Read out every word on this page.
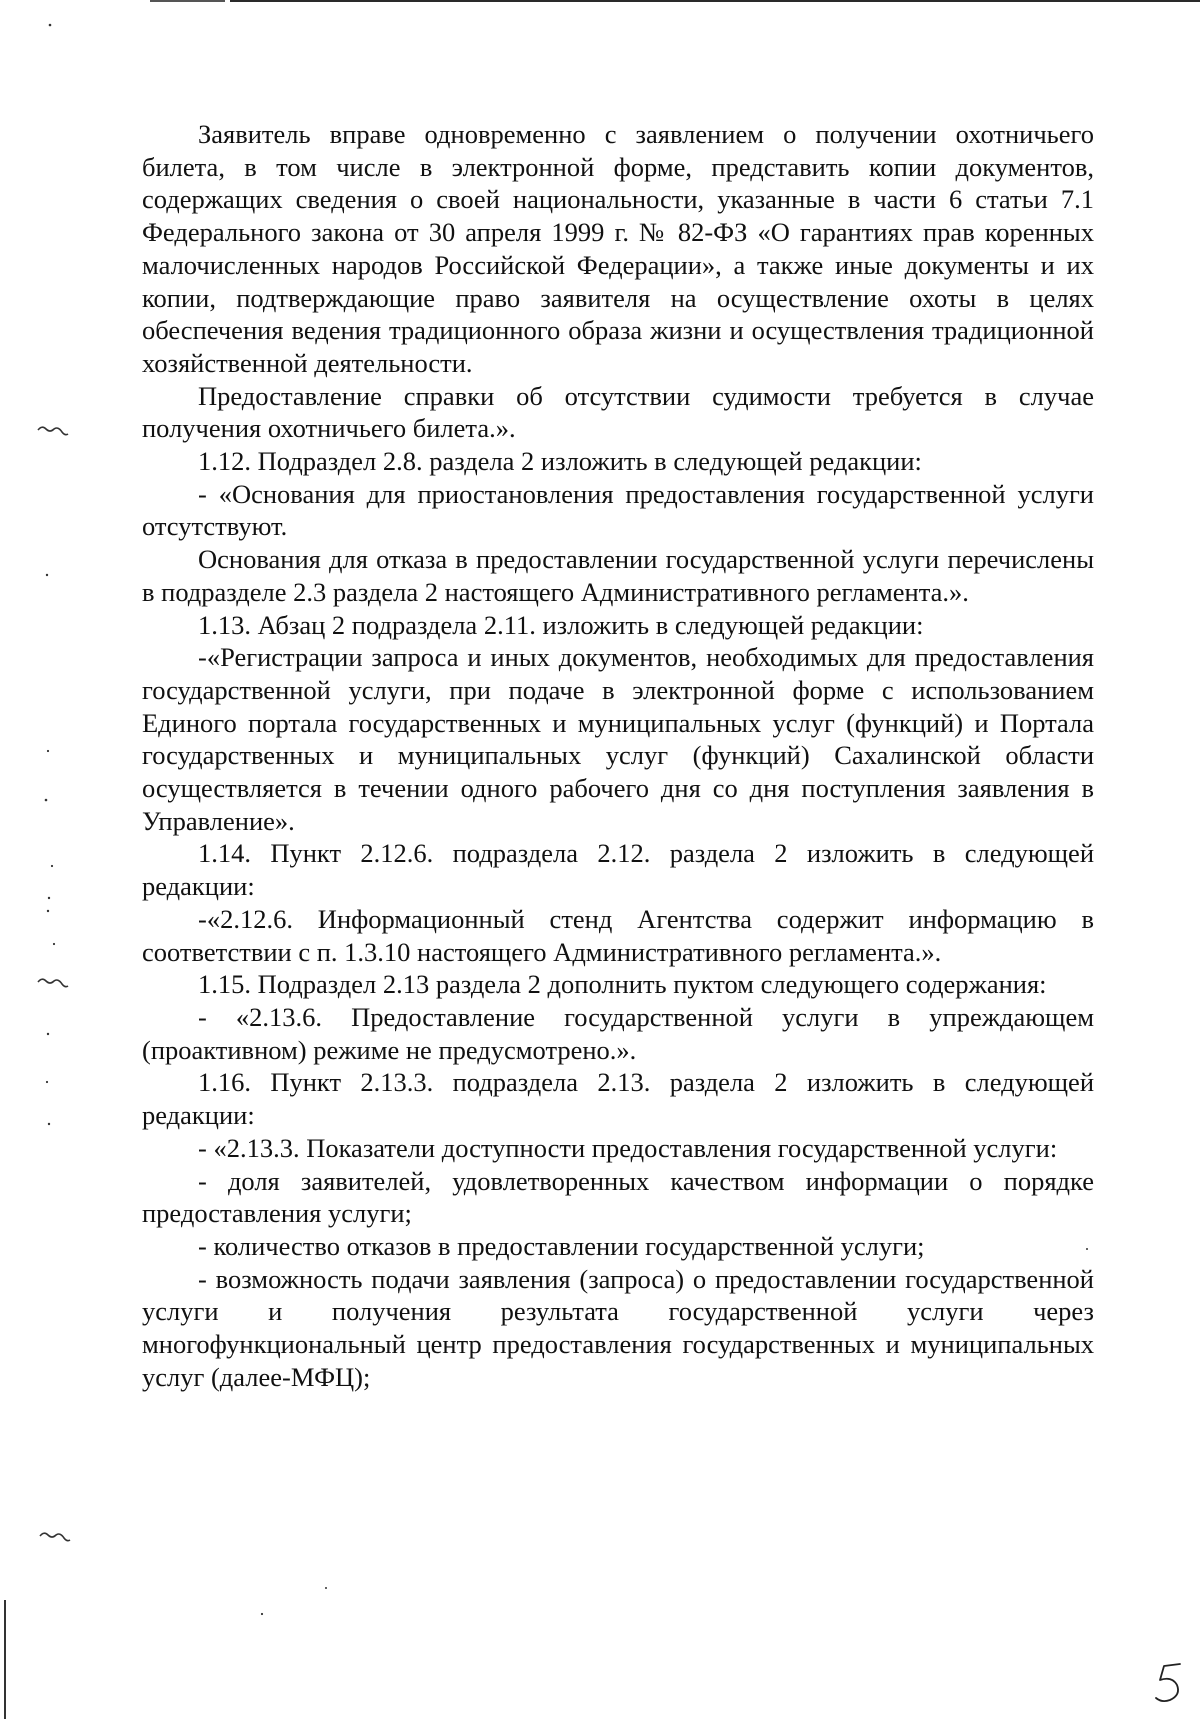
Заявитель вправе одновременно с заявлением о получении охотничьего билета, в том числе в электронной форме, представить копии документов, содержащих сведения о своей национальности, указанные в части 6 статьи 7.1 Федерального закона от 30 апреля 1999 г. № 82-ФЗ «О гарантиях прав коренных малочисленных народов Российской Федерации», а также иные документы и их копии, подтверждающие право заявителя на осуществление охоты в целях обеспечения ведения традиционного образа жизни и осуществления традиционной хозяйственной деятельности.

Предоставление справки об отсутствии судимости требуется в случае получения охотничьего билета.».

1.12. Подраздел 2.8. раздела 2 изложить в следующей редакции:

- «Основания для приостановления предоставления государственной услуги отсутствуют.

Основания для отказа в предоставлении государственной услуги перечислены в подразделе 2.3 раздела 2 настоящего Административного регламента.».

1.13. Абзац 2 подраздела 2.11. изложить в следующей редакции:

-«Регистрации запроса и иных документов, необходимых для предоставления государственной услуги, при подаче в электронной форме с использованием Единого портала государственных и муниципальных услуг (функций) и Портала государственных и муниципальных услуг (функций) Сахалинской области осуществляется в течении одного рабочего дня со дня поступления заявления в Управление».

1.14. Пункт 2.12.6. подраздела 2.12. раздела 2 изложить в следующей редакции:

-«2.12.6. Информационный стенд Агентства содержит информацию в соответствии с п. 1.3.10 настоящего Административного регламента.».

1.15. Подраздел 2.13 раздела 2 дополнить пуктом следующего содержания:

- «2.13.6. Предоставление государственной услуги в упреждающем (проактивном) режиме не предусмотрено.».

1.16. Пункт 2.13.3. подраздела 2.13. раздела 2 изложить в следующей редакции:

- «2.13.3. Показатели доступности предоставления государственной услуги:

- доля заявителей, удовлетворенных качеством информации о порядке предоставления услуги;

- количество отказов в предоставлении государственной услуги;

- возможность подачи заявления (запроса) о предоставлении государственной услуги и получения результата государственной услуги через многофункциональный центр предоставления государственных и муниципальных услуг (далее-МФЦ);
